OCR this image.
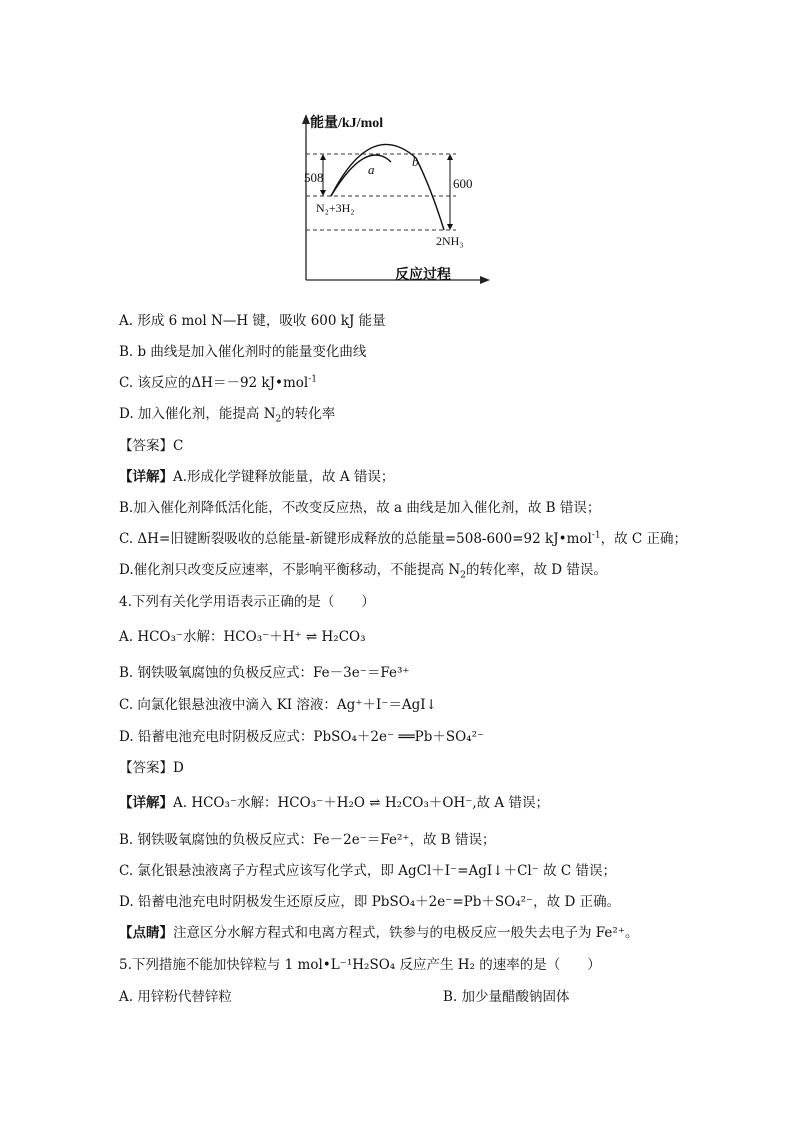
能量/kJ/mol
508	600
a
b
N₂+3H₂
2NH₃
反应过程
A. 形成 6 mol N—H 键，吸收 600 kJ 能量
B. b 曲线是加入催化剂时的能量变化曲线
C. 该反应的ΔH＝－92 kJ•mol$^{-1}$
D. 加入催化剂，能提高 $N_2$的转化率
【答案】C
【详解】A.形成化学键释放能量，故 A 错误；
B.加入催化剂降低活化能，不改变反应热，故 a 曲线是加入催化剂，故 B 错误；
C. ΔH=旧键断裂吸收的总能量-新键形成释放的总能量=508-600=92 kJ•mol$^{-1}$，故 C 正确；
D.催化剂只改变反应速率，不影响平衡移动，不能提高 $N_2$的转化率，故 D 错误。
4.下列有关化学用语表示正确的是（　　）
A. HCO₃⁻水解：HCO₃⁻＋H⁺ ⇌ H₂CO₃
B. 钢铁吸氧腐蚀的负极反应式：Fe－3e⁻＝Fe³⁺
C. 向氯化银悬浊液中滴入 KI 溶液：Ag⁺＋I⁻＝AgI↓
D. 铅蓄电池充电时阴极反应式：PbSO₄＋2e⁻ ══Pb＋SO₄²⁻
【答案】D
【详解】A. HCO₃⁻水解：HCO₃⁻＋H₂O ⇌ H₂CO₃＋OH⁻,故 A 错误；
B. 钢铁吸氧腐蚀的负极反应式：Fe－2e⁻＝Fe²⁺，故 B 错误；
C. 氯化银悬浊液离子方程式应该写化学式，即 AgCl＋I⁻=AgI↓＋Cl⁻ 故 C 错误；
D. 铅蓄电池充电时阴极发生还原反应，即 PbSO₄＋2e⁻=Pb＋SO₄²⁻，故 D 正确。
【点睛】注意区分水解方程式和电离方程式，铁参与的电极反应一般失去电子为 Fe²⁺。
5.下列措施不能加快锌粒与 1 mol•L⁻¹H₂SO₄ 反应产生 H₂ 的速率的是（　　）
A. 用锌粉代替锌粒	B. 加少量醋酸钠固体
